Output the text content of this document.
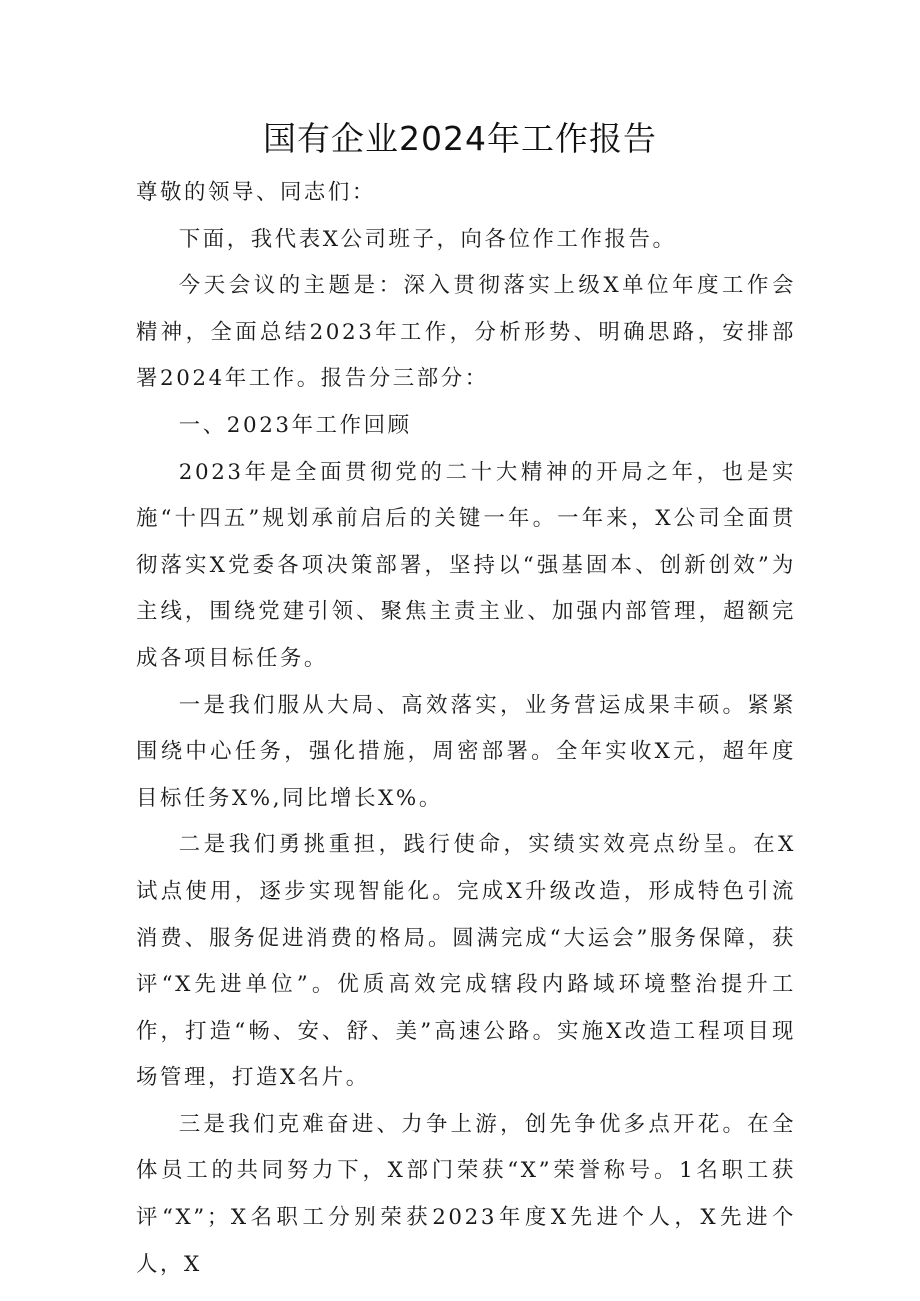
国有企业2024年工作报告

尊敬的领导、同志们：

下面，我代表X公司班子，向各位作工作报告。

今天会议的主题是：深入贯彻落实上级X单位年度工作会精神，全面总结2023年工作，分析形势、明确思路，安排部署2024年工作。报告分三部分：

一、2023年工作回顾

2023年是全面贯彻党的二十大精神的开局之年，也是实施“十四五”规划承前启后的关键一年。一年来，X公司全面贯彻落实X党委各项决策部署，坚持以“强基固本、创新创效”为主线，围绕党建引领、聚焦主责主业、加强内部管理，超额完成各项目标任务。

一是我们服从大局、高效落实，业务营运成果丰硕。紧紧围绕中心任务，强化措施，周密部署。全年实收X元，超年度目标任务X%,同比增长X%。

二是我们勇挑重担，践行使命，实绩实效亮点纷呈。在X试点使用，逐步实现智能化。完成X升级改造，形成特色引流消费、服务促进消费的格局。圆满完成“大运会”服务保障，获评“X先进单位”。优质高效完成辖段内路域环境整治提升工作，打造“畅、安、舒、美”高速公路。实施X改造工程项目现场管理，打造X名片。

三是我们克难奋进、力争上游，创先争优多点开花。在全体员工的共同努力下，X部门荣获“X”荣誉称号。1名职工获评“X”；X名职工分别荣获2023年度X先进个人，X先进个人，X
